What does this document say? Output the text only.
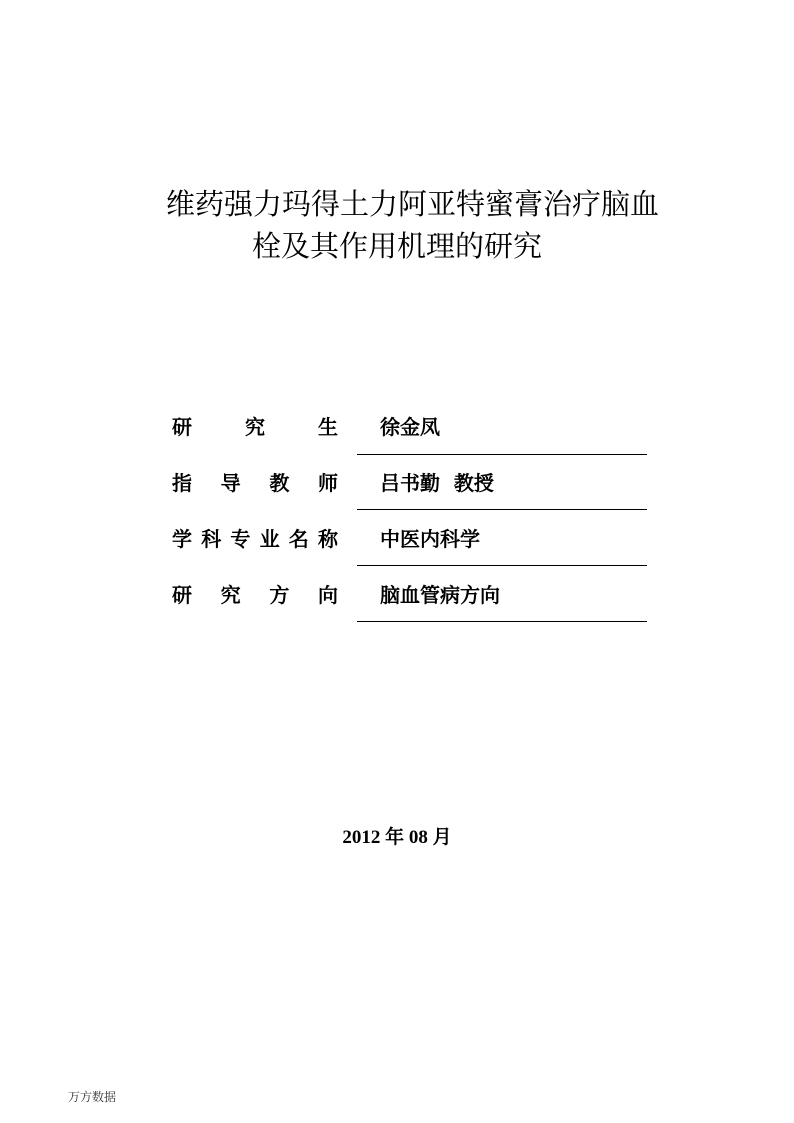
维药强力玛得土力阿亚特蜜膏治疗脑血
栓及其作用机理的研究
研	究	生 徐金凤
指 导 教 师 吕书勤  教授
学 科 专 业 名 称 中医内科学
研 究 方 向 脑血管病方向
2012 年 08 月
万方数据
